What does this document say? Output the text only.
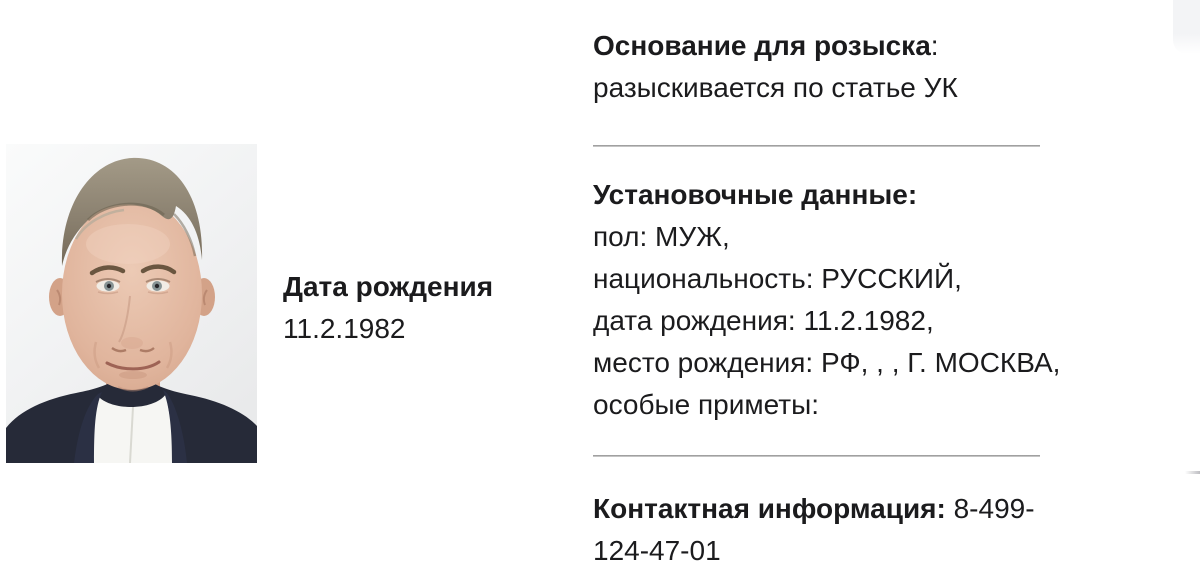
Дата рождения
11.2.1982
Основание для розыска:
разыскивается по статье УК
Установочные данные:
пол: МУЖ,
национальность: РУССКИЙ,
дата рождения: 11.2.1982,
место рождения: РФ, , , Г. МОСКВА,
особые приметы:
Контактная информация: 8-499-
124-47-01
